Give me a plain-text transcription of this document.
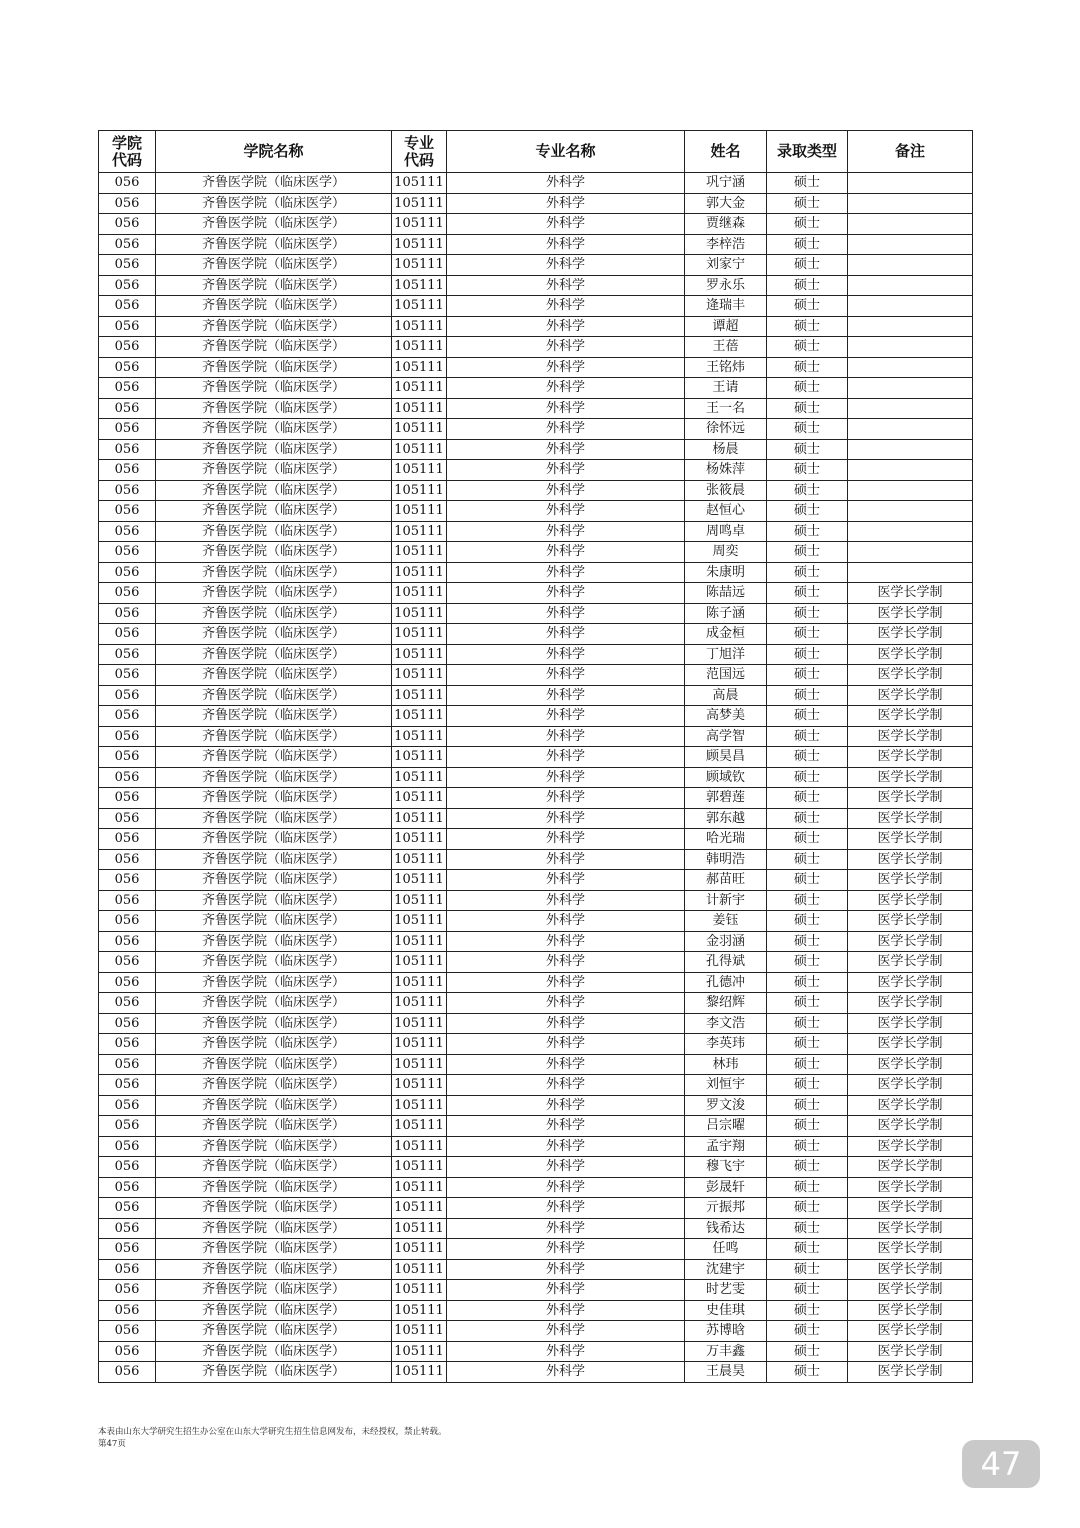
学院
代码	学院名称	专业
代码	专业名称	姓名	录取类型	备注
056	齐鲁医学院（临床医学）	105111	外科学	巩宁涵	硕士	
056	齐鲁医学院（临床医学）	105111	外科学	郭大金	硕士	
056	齐鲁医学院（临床医学）	105111	外科学	贾继森	硕士	
056	齐鲁医学院（临床医学）	105111	外科学	李梓浩	硕士	
056	齐鲁医学院（临床医学）	105111	外科学	刘家宁	硕士	
056	齐鲁医学院（临床医学）	105111	外科学	罗永乐	硕士	
056	齐鲁医学院（临床医学）	105111	外科学	逄瑞丰	硕士	
056	齐鲁医学院（临床医学）	105111	外科学	谭超	硕士	
056	齐鲁医学院（临床医学）	105111	外科学	王蓓	硕士	
056	齐鲁医学院（临床医学）	105111	外科学	王铭炜	硕士	
056	齐鲁医学院（临床医学）	105111	外科学	王请	硕士	
056	齐鲁医学院（临床医学）	105111	外科学	王一名	硕士	
056	齐鲁医学院（临床医学）	105111	外科学	徐怀远	硕士	
056	齐鲁医学院（临床医学）	105111	外科学	杨晨	硕士	
056	齐鲁医学院（临床医学）	105111	外科学	杨姝萍	硕士	
056	齐鲁医学院（临床医学）	105111	外科学	张筱晨	硕士	
056	齐鲁医学院（临床医学）	105111	外科学	赵恒心	硕士	
056	齐鲁医学院（临床医学）	105111	外科学	周鸣卓	硕士	
056	齐鲁医学院（临床医学）	105111	外科学	周奕	硕士	
056	齐鲁医学院（临床医学）	105111	外科学	朱康明	硕士	
056	齐鲁医学院（临床医学）	105111	外科学	陈喆远	硕士	医学长学制
056	齐鲁医学院（临床医学）	105111	外科学	陈子涵	硕士	医学长学制
056	齐鲁医学院（临床医学）	105111	外科学	成金桓	硕士	医学长学制
056	齐鲁医学院（临床医学）	105111	外科学	丁旭洋	硕士	医学长学制
056	齐鲁医学院（临床医学）	105111	外科学	范国远	硕士	医学长学制
056	齐鲁医学院（临床医学）	105111	外科学	高晨	硕士	医学长学制
056	齐鲁医学院（临床医学）	105111	外科学	高梦美	硕士	医学长学制
056	齐鲁医学院（临床医学）	105111	外科学	高学智	硕士	医学长学制
056	齐鲁医学院（临床医学）	105111	外科学	顾昊昌	硕士	医学长学制
056	齐鲁医学院（临床医学）	105111	外科学	顾域钦	硕士	医学长学制
056	齐鲁医学院（临床医学）	105111	外科学	郭碧莲	硕士	医学长学制
056	齐鲁医学院（临床医学）	105111	外科学	郭东越	硕士	医学长学制
056	齐鲁医学院（临床医学）	105111	外科学	哈光瑞	硕士	医学长学制
056	齐鲁医学院（临床医学）	105111	外科学	韩明浩	硕士	医学长学制
056	齐鲁医学院（临床医学）	105111	外科学	郝苗旺	硕士	医学长学制
056	齐鲁医学院（临床医学）	105111	外科学	计新宇	硕士	医学长学制
056	齐鲁医学院（临床医学）	105111	外科学	姜钰	硕士	医学长学制
056	齐鲁医学院（临床医学）	105111	外科学	金羽涵	硕士	医学长学制
056	齐鲁医学院（临床医学）	105111	外科学	孔得斌	硕士	医学长学制
056	齐鲁医学院（临床医学）	105111	外科学	孔德冲	硕士	医学长学制
056	齐鲁医学院（临床医学）	105111	外科学	黎绍辉	硕士	医学长学制
056	齐鲁医学院（临床医学）	105111	外科学	李文浩	硕士	医学长学制
056	齐鲁医学院（临床医学）	105111	外科学	李英玮	硕士	医学长学制
056	齐鲁医学院（临床医学）	105111	外科学	林玮	硕士	医学长学制
056	齐鲁医学院（临床医学）	105111	外科学	刘恒宇	硕士	医学长学制
056	齐鲁医学院（临床医学）	105111	外科学	罗文浚	硕士	医学长学制
056	齐鲁医学院（临床医学）	105111	外科学	吕宗曜	硕士	医学长学制
056	齐鲁医学院（临床医学）	105111	外科学	孟宇翔	硕士	医学长学制
056	齐鲁医学院（临床医学）	105111	外科学	穆飞宇	硕士	医学长学制
056	齐鲁医学院（临床医学）	105111	外科学	彭晟轩	硕士	医学长学制
056	齐鲁医学院（临床医学）	105111	外科学	亓振邦	硕士	医学长学制
056	齐鲁医学院（临床医学）	105111	外科学	钱希达	硕士	医学长学制
056	齐鲁医学院（临床医学）	105111	外科学	任鸣	硕士	医学长学制
056	齐鲁医学院（临床医学）	105111	外科学	沈建宇	硕士	医学长学制
056	齐鲁医学院（临床医学）	105111	外科学	时艺雯	硕士	医学长学制
056	齐鲁医学院（临床医学）	105111	外科学	史佳琪	硕士	医学长学制
056	齐鲁医学院（临床医学）	105111	外科学	苏博晗	硕士	医学长学制
056	齐鲁医学院（临床医学）	105111	外科学	万丰鑫	硕士	医学长学制
056	齐鲁医学院（临床医学）	105111	外科学	王晨昊	硕士	医学长学制
本表由山东大学研究生招生办公室在山东大学研究生招生信息网发布，未经授权，禁止转载。
第47页
47
